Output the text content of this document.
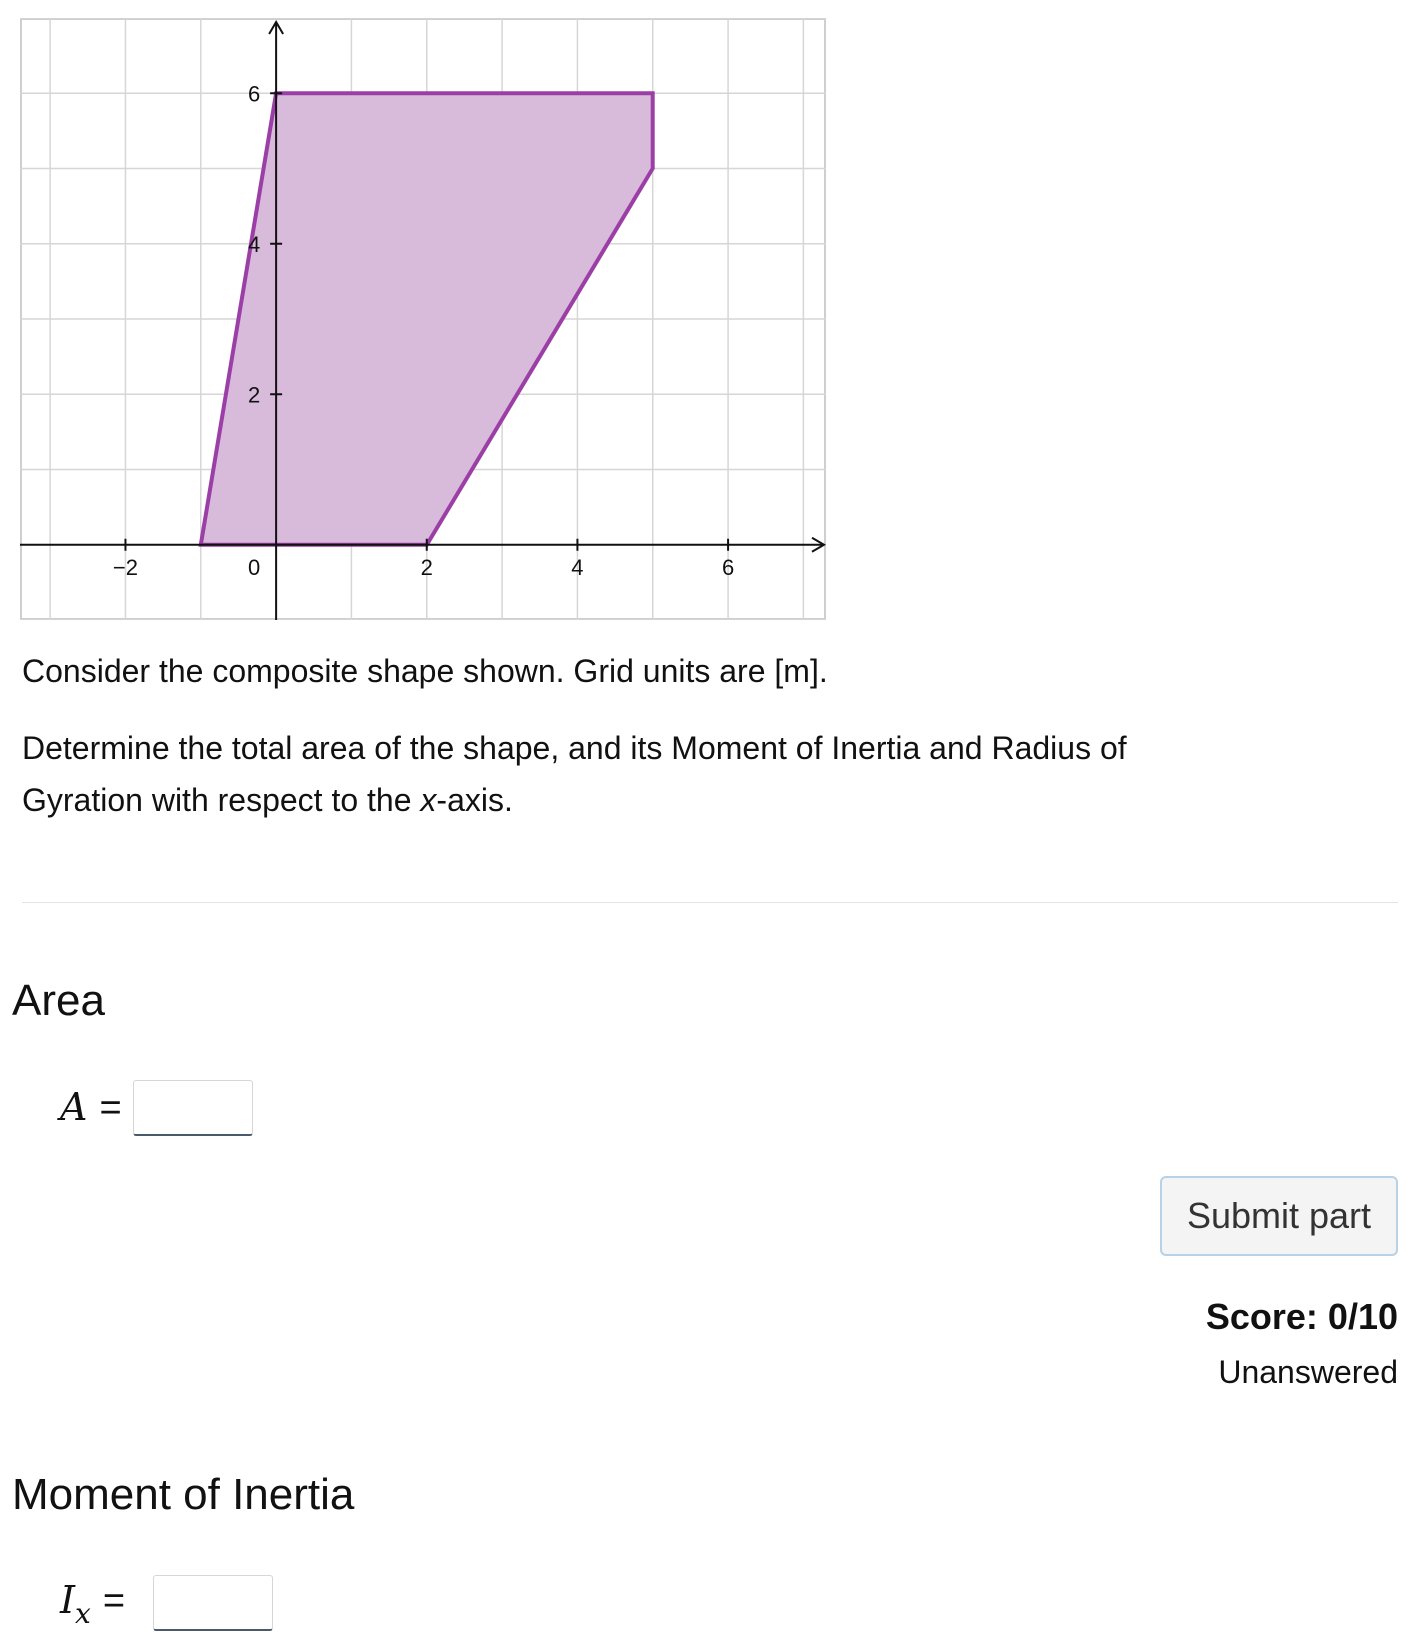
−2	0	2	4	6
2
4
6

Consider the composite shape shown. Grid units are [m].

Determine the total area of the shape, and its Moment of Inertia and Radius of

Gyration with respect to the x-axis.

Area
A =
Submit part
Score: 0/10
Unanswered
Moment of Inertia
$I_x$ =
